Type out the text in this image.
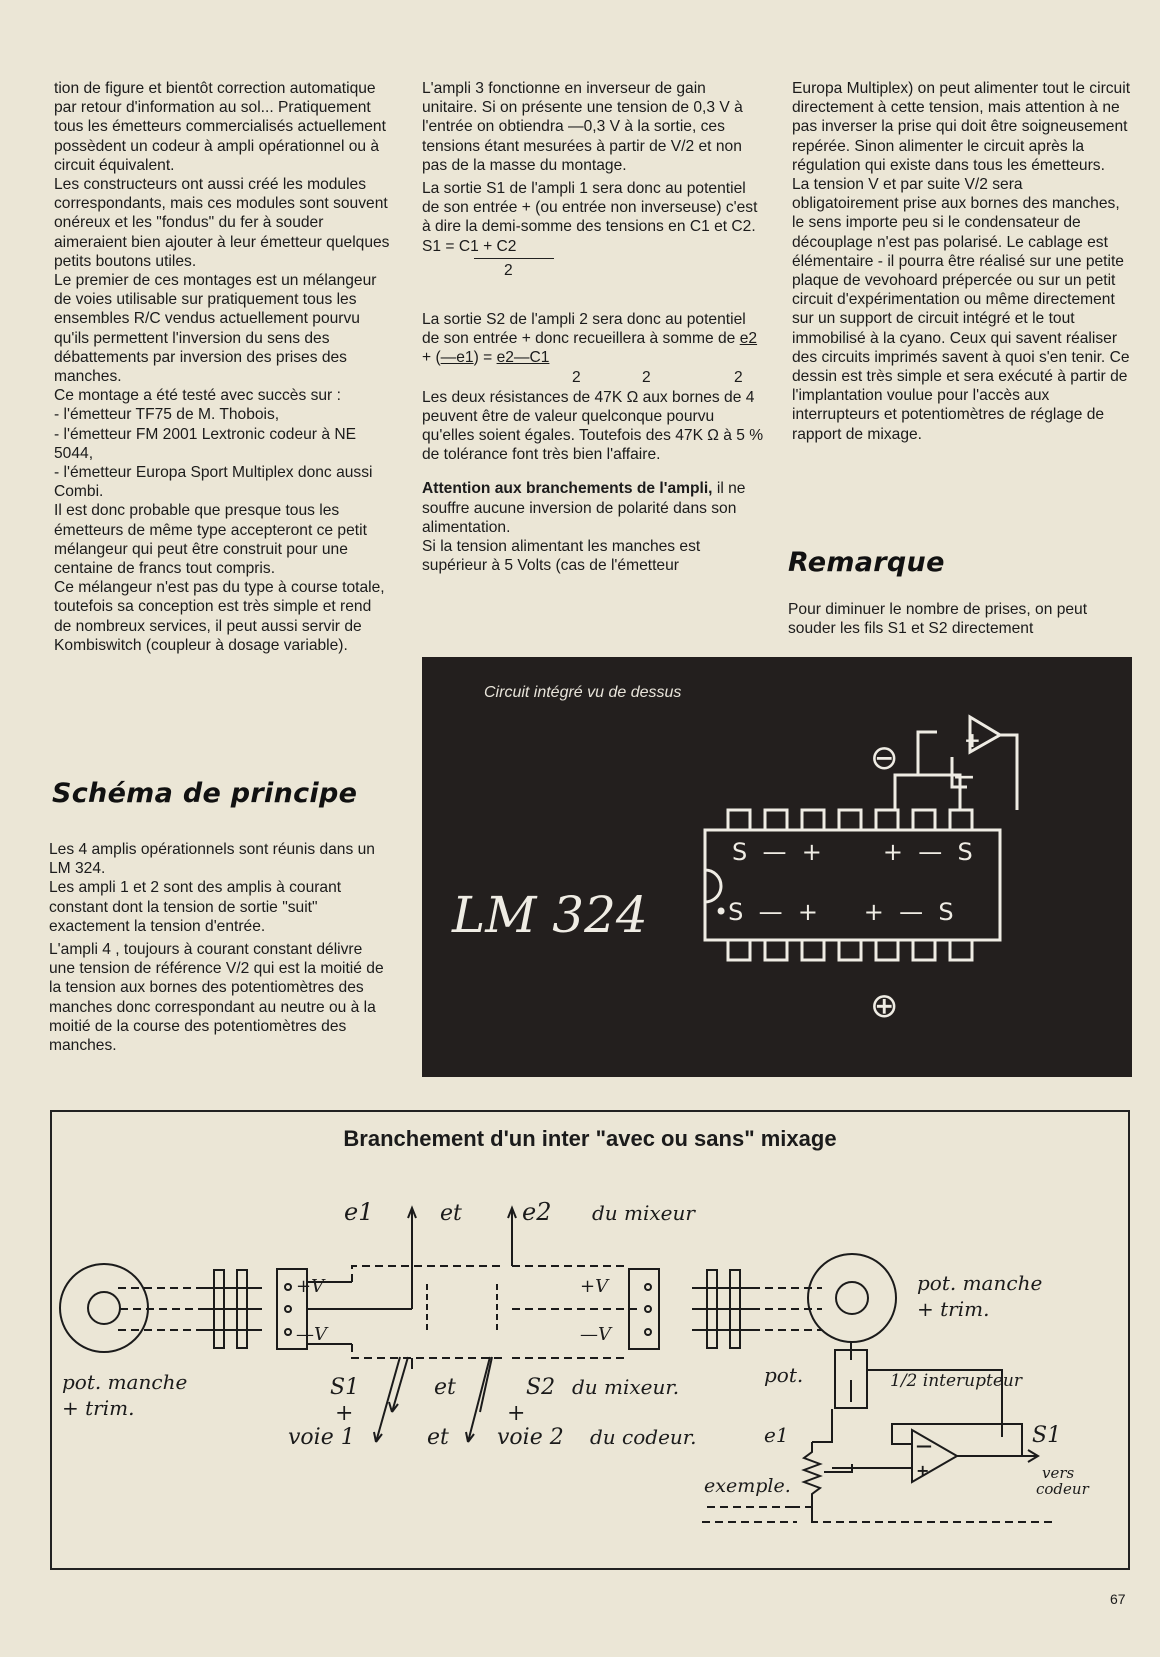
tion de figure et bientôt correction automatique par retour d'information au sol... Pratiquement tous les émetteurs commercialisés actuellement possèdent un codeur à ampli opérationnel ou à circuit équivalent.

Les constructeurs ont aussi créé les modules correspondants, mais ces modules sont souvent onéreux et les "fondus" du fer à souder aimeraient bien ajouter à leur émetteur quelques petits boutons utiles.

Le premier de ces montages est un mélangeur de voies utilisable sur pratiquement tous les ensembles R/C vendus actuellement pourvu qu'ils permettent l'inversion du sens des débattements par inversion des prises des manches.

Ce montage a été testé avec succès sur :

- l'émetteur TF75 de M. Thobois,

- l'émetteur FM 2001 Lextronic codeur à NE 5044,

- l'émetteur Europa Sport Multiplex donc aussi Combi.

Il est donc probable que presque tous les émetteurs de même type accepteront ce petit mélangeur qui peut être construit pour une centaine de francs tout compris.

Ce mélangeur n'est pas du type à course totale, toutefois sa conception est très simple et rend de nombreux services, il peut aussi servir de Kombiswitch (coupleur à dosage variable).

Schéma de principe

Les 4 amplis opérationnels sont réunis dans un LM 324.

Les ampli 1 et 2 sont des amplis à courant constant dont la tension de sortie "suit" exactement la tension d'entrée.

L'ampli 4 , toujours à courant constant délivre une tension de référence V/2 qui est la moitié de la tension aux bornes des potentiomètres des manches donc correspondant au neutre ou à la moitié de la course des potentiomètres des manches.

L'ampli 3 fonctionne en inverseur de gain unitaire. Si on présente une tension de 0,3 V à l'entrée on obtiendra —0,3 V à la sortie, ces tensions étant mesurées à partir de V/2 et non pas de la masse du montage.

La sortie S1 de l'ampli 1 sera donc au potentiel de son entrée + (ou entrée non inverseuse) c'est à dire la demi-somme des tensions en C1 et C2.

S1 = C1 + C2

2

La sortie S2 de l'ampli 2 sera donc au potentiel de son entrée + donc recueillera à somme de e2 + (—e1) = e2—C1

2	2	2

Les deux résistances de 47K Ω aux bornes de 4 peuvent être de valeur quelconque pourvu qu'elles soient égales. Toutefois des 47K Ω à 5 % de tolérance font très bien l'affaire.

Attention aux branchements de l'ampli, il ne souffre aucune inversion de polarité dans son alimentation.

Si la tension alimentant les manches est supérieur à 5 Volts (cas de l'émetteur

Europa Multiplex) on peut alimenter tout le circuit directement à cette tension, mais attention à ne pas inverser la prise qui doit être soigneusement repérée. Sinon alimenter le circuit après la régulation qui existe dans tous les émetteurs.

La tension V et par suite V/2 sera obligatoirement prise aux bornes des manches, le sens importe peu si le condensateur de découplage n'est pas polarisé. Le cablage est élémentaire - il pourra être réalisé sur une petite plaque de vevohoard prépercée ou sur un petit circuit d'expérimentation ou même directement sur un support de circuit intégré et le tout immobilisé à la cyano. Ceux qui savent réaliser des circuits imprimés savent à quoi s'en tenir. Ce dessin est très simple et sera exécuté à partir de l'implantation voulue pour l'accès aux interrupteurs et potentiomètres de réglage de rapport de mixage.

Remarque

Pour diminuer le nombre de prises, on peut souder les fils S1 et S2 directement

Circuit intégré vu de dessus
LM 324
S  —  +        +  —  S
•S  —  +      +  —  S
⊖
⊕
+
—
Branchement d'un inter "avec ou sans" mixage
e1	et	e2 du mixeur
+V
—V
+V
—V
pot. manche
+ trim.
S1	et	S2 du mixeur.
+	+
voie 1	et voie 2 du codeur.
pot. manche
+ trim.
pot.	1/2 interupteur
e1	S1
vers
codeur
exemple.
—
+
67
